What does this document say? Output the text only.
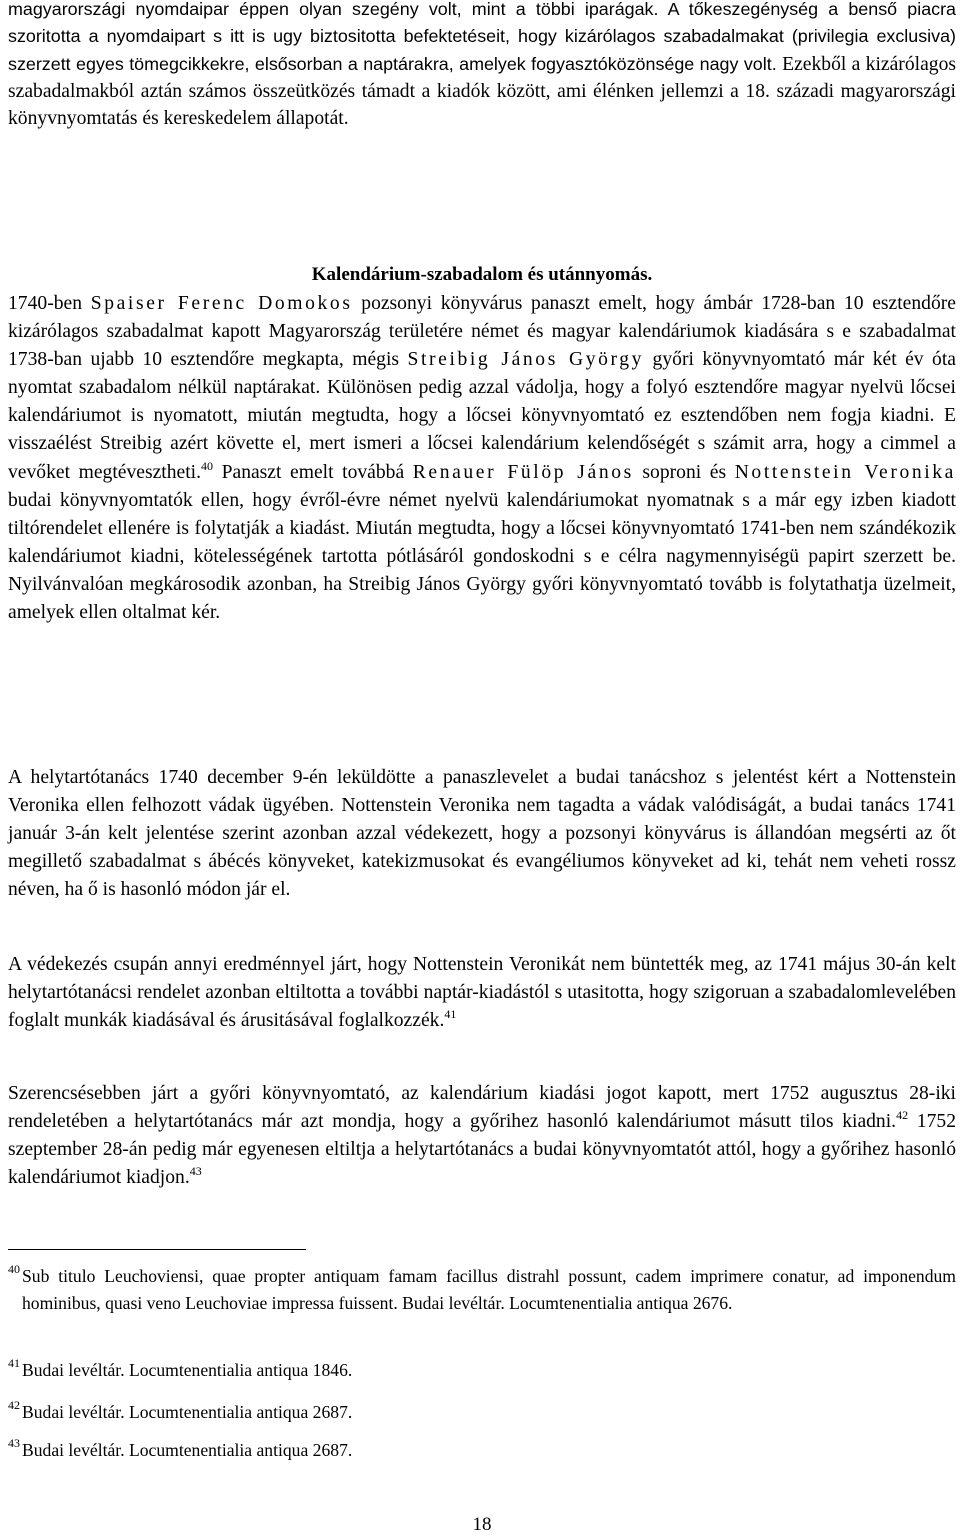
magyarországi nyomdaipar éppen olyan szegény volt, mint a többi iparágak. A tőkeszegénység a benső piacra szoritotta a nyomdaipart s itt is ugy biztositotta befektetéseit, hogy kizárólagos szabadalmakat (privilegia exclusiva) szerzett egyes tömegcikkekre, elsősorban a naptárakra, amelyek fogyasztóközönsége nagy volt. Ezekből a kizárólagos szabadalmakból aztán számos összeütközés támadt a kiadók között, ami élénken jellemzi a 18. századi magyarországi könyvnyomtatás és kereskedelem állapotát.

Kalendárium-szabadalom és utánnyomás.

1740-ben Spaiser Ferenc Domokos pozsonyi könyvárus panaszt emelt, hogy ámbár 1728-ban 10 esztendőre kizárólagos szabadalmat kapott Magyarország területére német és magyar kalendáriumok kiadására s e szabadalmat 1738-ban ujabb 10 esztendőre megkapta, mégis Streibig János György győri könyvnyomtató már két év óta nyomtat szabadalom nélkül naptárakat. Különösen pedig azzal vádolja, hogy a folyó esztendőre magyar nyelvü lőcsei kalendáriumot is nyomatott, miután megtudta, hogy a lőcsei könyvnyomtató ez esztendőben nem fogja kiadni. E visszaélést Streibig azért követte el, mert ismeri a lőcsei kalendárium kelendőségét s számit arra, hogy a cimmel a vevőket megtévesztheti.$^{40}$ Panaszt emelt továbbá Renauer Fülöp János soproni és Nottenstein Veronika budai könyvnyomtatók ellen, hogy évről-évre német nyelvü kalendáriumokat nyomatnak s a már egy izben kiadott tiltórendelet ellenére is folytatják a kiadást. Miután megtudta, hogy a lőcsei könyvnyomtató 1741-ben nem szándékozik kalendáriumot kiadni, kötelességének tartotta pótlásáról gondoskodni s e célra nagymennyiségü papirt szerzett be. Nyilvánvalóan megkárosodik azonban, ha Streibig János György győri könyvnyomtató tovább is folytathatja üzelmeit, amelyek ellen oltalmat kér.

A helytartótanács 1740 december 9-én leküldötte a panaszlevelet a budai tanácshoz s jelentést kért a Nottenstein Veronika ellen felhozott vádak ügyében. Nottenstein Veronika nem tagadta a vádak valódiságát, a budai tanács 1741 január 3-án kelt jelentése szerint azonban azzal védekezett, hogy a pozsonyi könyvárus is állandóan megsérti az őt megillető szabadalmat s ábécés könyveket, katekizmusokat és evangéliumos könyveket ad ki, tehát nem veheti rossz néven, ha ő is hasonló módon jár el.

A védekezés csupán annyi eredménnyel járt, hogy Nottenstein Veronikát nem büntették meg, az 1741 május 30-án kelt helytartótanácsi rendelet azonban eltiltotta a további naptár-kiadástól s utasitotta, hogy szigoruan a szabadalomlevelében foglalt munkák kiadásával és árusitásával foglalkozzék.$^{41}$

Szerencsésebben járt a győri könyvnyomtató, az kalendárium kiadási jogot kapott, mert 1752 augusztus 28-iki rendeletében a helytartótanács már azt mondja, hogy a győrihez hasonló kalendáriumot másutt tilos kiadni.$^{42}$ 1752 szeptember 28-án pedig már egyenesen eltiltja a helytartótanács a budai könyvnyomtatót attól, hogy a győrihez hasonló kalendáriumot kiadjon.$^{43}$

40 Sub titulo Leuchoviensi, quae propter antiquam famam facillus distrahl possunt, cadem imprimere conatur, ad imponendum hominibus, quasi veno Leuchoviae impressa fuissent. Budai levéltár. Locumtenentialia antiqua 2676.
41 Budai levéltár. Locumtenentialia antiqua 1846.
42 Budai levéltár. Locumtenentialia antiqua 2687.
43 Budai levéltár. Locumtenentialia antiqua 2687.
18
